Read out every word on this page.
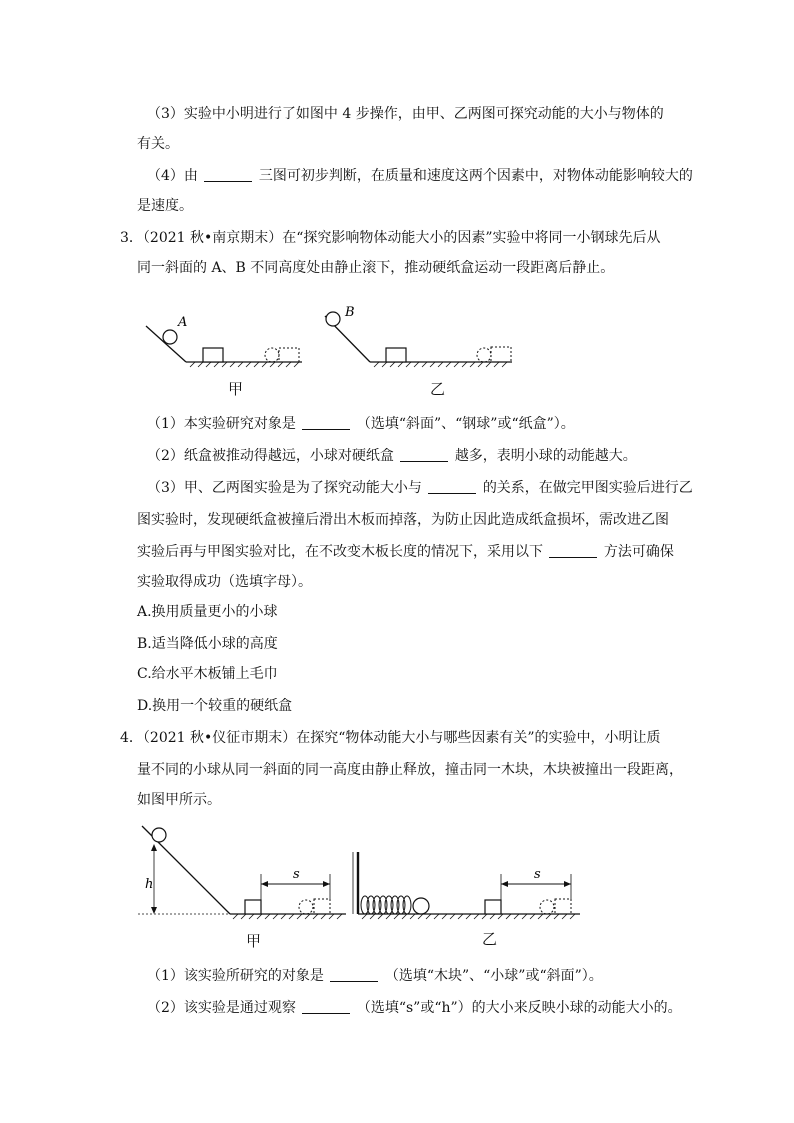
（3）实验中小明进行了如图中 4 步操作，由甲、乙两图可探究动能的大小与物体的
有关。
（4）由	三图可初步判断，在质量和速度这两个因素中，对物体动能影响较大的
是速度。
3．（2021 秋•南京期末）在“探究影响物体动能大小的因素”实验中将同一小钢球先后从
同一斜面的 A、B 不同高度处由静止滚下，推动硬纸盒运动一段距离后静止。
A
B
甲	乙
（1）本实验研究对象是	（选填“斜面”、“钢球”或“纸盒”）。
（2）纸盒被推动得越远，小球对硬纸盒	越多，表明小球的动能越大。
（3）甲、乙两图实验是为了探究动能大小与	的关系，在做完甲图实验后进行乙
图实验时，发现硬纸盒被撞后滑出木板而掉落，为防止因此造成纸盒损坏，需改进乙图
实验后再与甲图实验对比，在不改变木板长度的情况下，采用以下	方法可确保
实验取得成功（选填字母）。
A.换用质量更小的小球
B.适当降低小球的高度
C.给水平木板铺上毛巾
D.换用一个较重的硬纸盒
4．（2021 秋•仪征市期末）在探究“物体动能大小与哪些因素有关”的实验中，小明让质
量不同的小球从同一斜面的同一高度由静止释放，撞击同一木块，木块被撞出一段距离，
如图甲所示。
h
s	s
甲	乙
（1）该实验所研究的对象是	（选填“木块”、“小球”或“斜面”）。
（2）该实验是通过观察	（选填“s”或“h”）的大小来反映小球的动能大小的。
